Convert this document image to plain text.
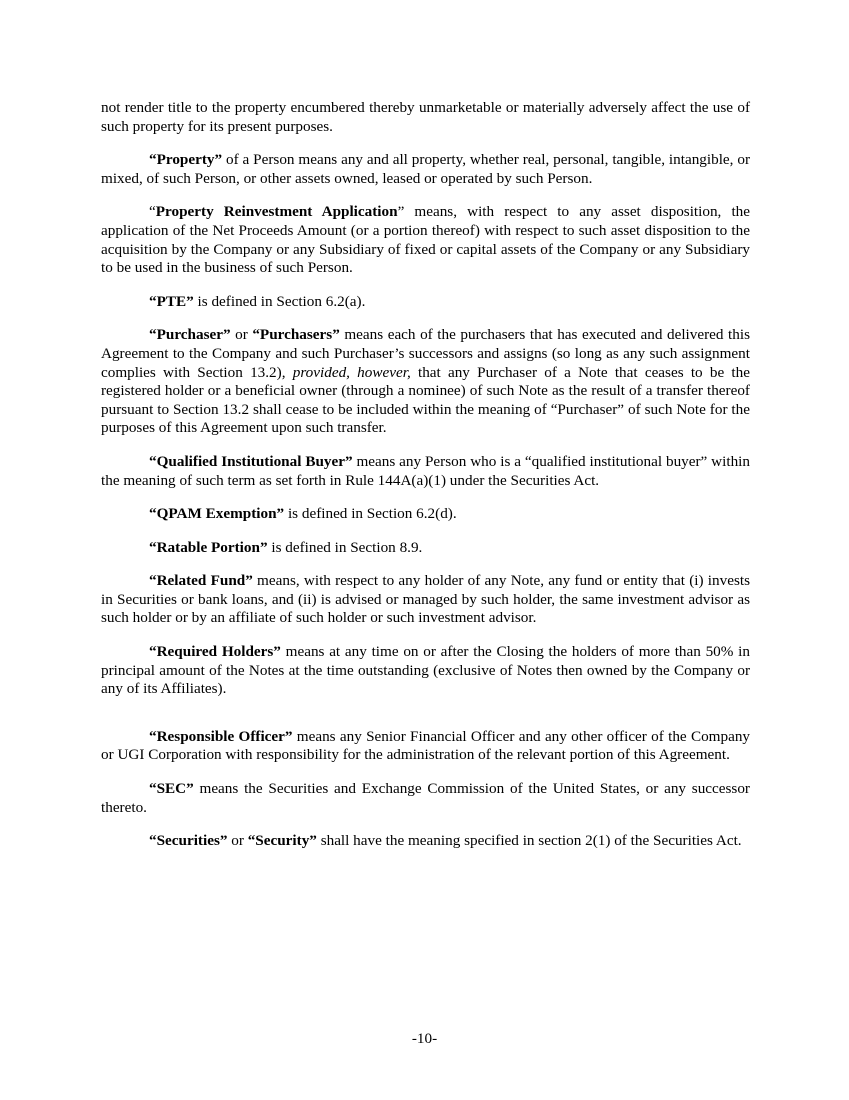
not render title to the property encumbered thereby unmarketable or materially adversely affect the use of such property for its present purposes.

“Property” of a Person means any and all property, whether real, personal, tangible, intangible, or mixed, of such Person, or other assets owned, leased or operated by such Person.

“Property Reinvestment Application” means, with respect to any asset disposition, the application of the Net Proceeds Amount (or a portion thereof) with respect to such asset disposition to the acquisition by the Company or any Subsidiary of fixed or capital assets of the Company or any Subsidiary to be used in the business of such Person.

“PTE” is defined in Section 6.2(a).

“Purchaser” or “Purchasers” means each of the purchasers that has executed and delivered this Agreement to the Company and such Purchaser’s successors and assigns (so long as any such assignment complies with Section 13.2), provided, however, that any Purchaser of a Note that ceases to be the registered holder or a beneficial owner (through a nominee) of such Note as the result of a transfer thereof pursuant to Section 13.2 shall cease to be included within the meaning of “Purchaser” of such Note for the purposes of this Agreement upon such transfer.

“Qualified Institutional Buyer” means any Person who is a “qualified institutional buyer” within the meaning of such term as set forth in Rule 144A(a)(1) under the Securities Act.

“QPAM Exemption” is defined in Section 6.2(d).

“Ratable Portion” is defined in Section 8.9.

“Related Fund” means, with respect to any holder of any Note, any fund or entity that (i) invests in Securities or bank loans, and (ii) is advised or managed by such holder, the same investment advisor as such holder or by an affiliate of such holder or such investment advisor.

“Required Holders” means at any time on or after the Closing the holders of more than 50% in principal amount of the Notes at the time outstanding (exclusive of Notes then owned by the Company or any of its Affiliates).

“Responsible Officer” means any Senior Financial Officer and any other officer of the Company or UGI Corporation with responsibility for the administration of the relevant portion of this Agreement.

“SEC” means the Securities and Exchange Commission of the United States, or any successor thereto.

“Securities” or “Security” shall have the meaning specified in section 2(1) of the Securities Act.

-10-
